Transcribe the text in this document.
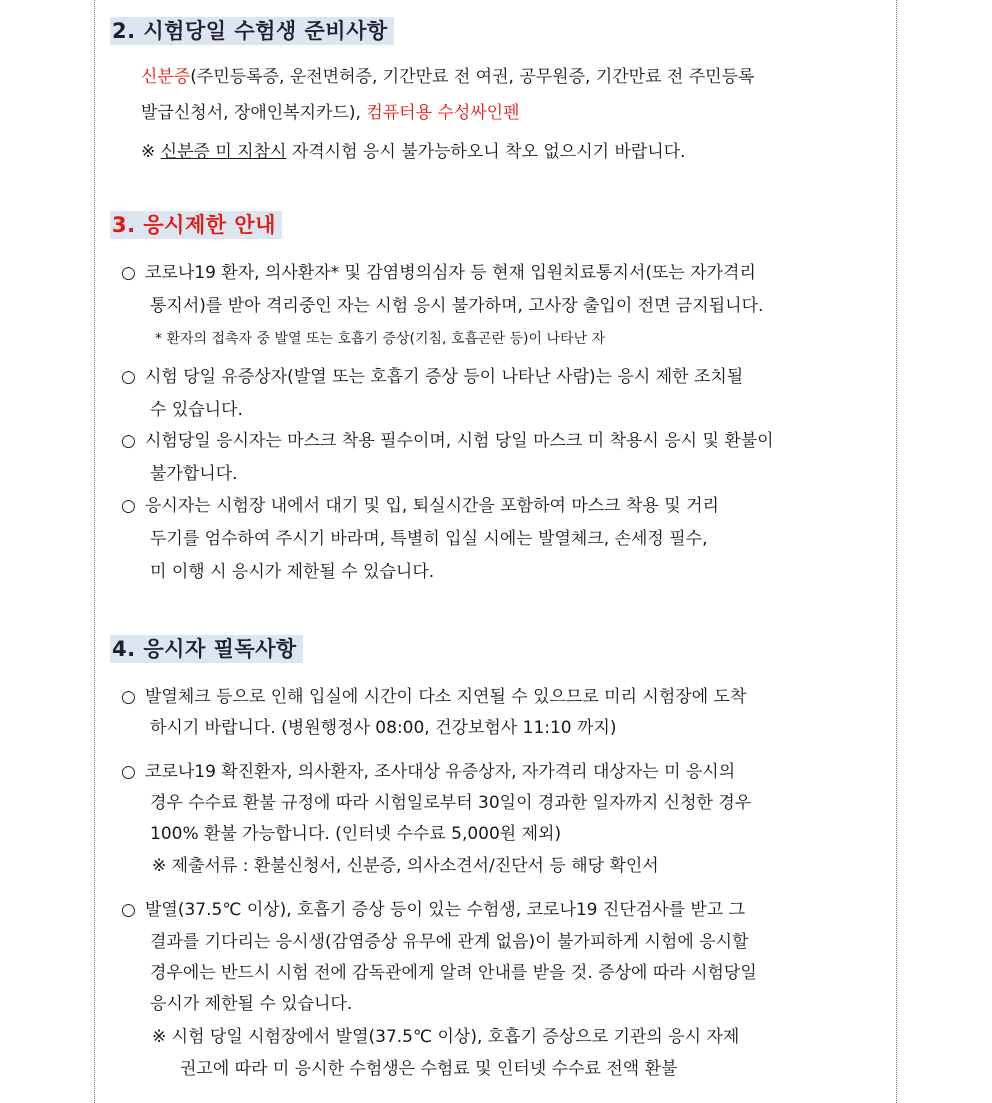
2. 시험당일 수험생 준비사항
신분증(주민등록증, 운전면허증, 기간만료 전 여권, 공무원증, 기간만료 전 주민등록
발급신청서, 장애인복지카드), 컴퓨터용 수성싸인펜
※ 신분증 미 지참시 자격시험 응시 불가능하오니 착오 없으시기 바랍니다.
3. 응시제한 안내
○ 코로나19 환자, 의사환자* 및 감염병의심자 등 현재 입원치료통지서(또는 자가격리
통지서)를 받아 격리중인 자는 시험 응시 불가하며, 고사장 출입이 전면 금지됩니다.
* 환자의 접촉자 중 발열 또는 호흡기 증상(기침, 호흡곤란 등)이 나타난 자
○ 시험 당일 유증상자(발열 또는 호흡기 증상 등이 나타난 사람)는 응시 제한 조치될
수 있습니다.
○ 시험당일 응시자는 마스크 착용 필수이며, 시험 당일 마스크 미 착용시 응시 및 환불이
불가합니다.
○ 응시자는 시험장 내에서 대기 및 입, 퇴실시간을 포함하여 마스크 착용 및 거리
두기를 엄수하여 주시기 바라며, 특별히 입실 시에는 발열체크, 손세정 필수,
미 이행 시 응시가 제한될 수 있습니다.
4. 응시자 필독사항
○ 발열체크 등으로 인해 입실에 시간이 다소 지연될 수 있으므로 미리 시험장에 도착
하시기 바랍니다. (병원행정사 08:00, 건강보험사 11:10 까지)
○ 코로나19 확진환자, 의사환자, 조사대상 유증상자, 자가격리 대상자는 미 응시의
경우 수수료 환불 규정에 따라 시험일로부터 30일이 경과한 일자까지 신청한 경우
100% 환불 가능합니다. (인터넷 수수료 5,000원 제외)
※ 제출서류 : 환불신청서, 신분증, 의사소견서/진단서 등 해당 확인서
○ 발열(37.5℃ 이상), 호흡기 증상 등이 있는 수험생, 코로나19 진단검사를 받고 그
결과를 기다리는 응시생(감염증상 유무에 관계 없음)이 불가피하게 시험에 응시할
경우에는 반드시 시험 전에 감독관에게 알려 안내를 받을 것. 증상에 따라 시험당일
응시가 제한될 수 있습니다.
※ 시험 당일 시험장에서 발열(37.5℃ 이상), 호흡기 증상으로 기관의 응시 자제
권고에 따라 미 응시한 수험생은 수험료 및 인터넷 수수료 전액 환불
